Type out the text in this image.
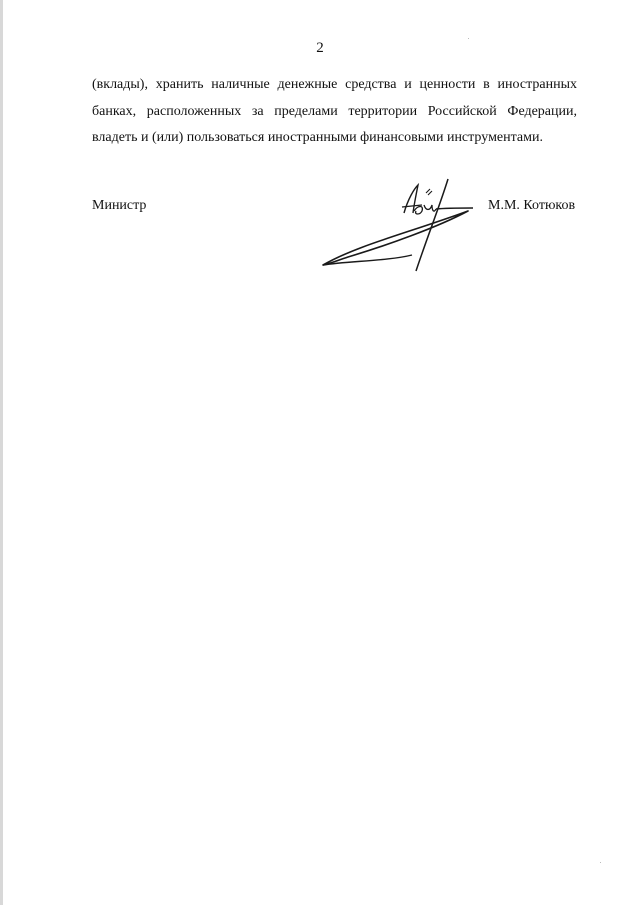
2
(вклады), хранить наличные денежные средства и ценности в иностранных
банках, расположенных за пределами территории Российской Федерации,
владеть и (или) пользоваться иностранными финансовыми инструментами.
Министр	М.М. Котюков
